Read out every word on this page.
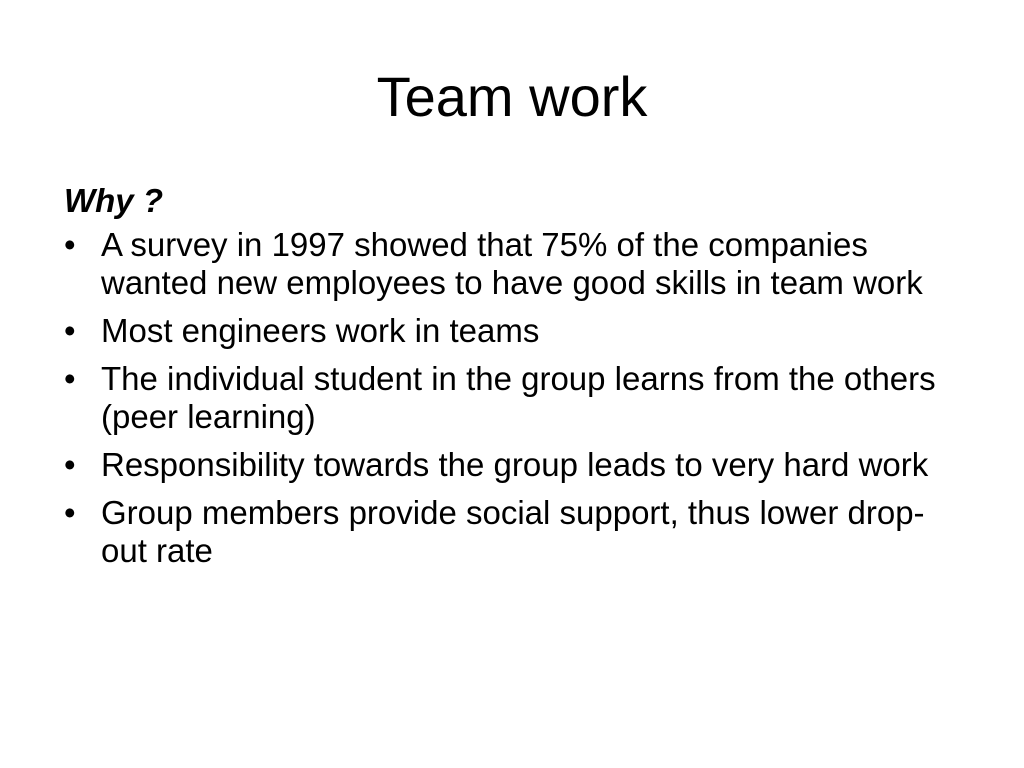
Team work
Why ?
• A survey in 1997 showed that 75% of the companies wanted new employees to have good skills in team work
• Most engineers work in teams
• The individual student in the group learns from the others (peer learning)
• Responsibility towards the group leads to very hard work
• Group members provide social support, thus lower drop-out rate
